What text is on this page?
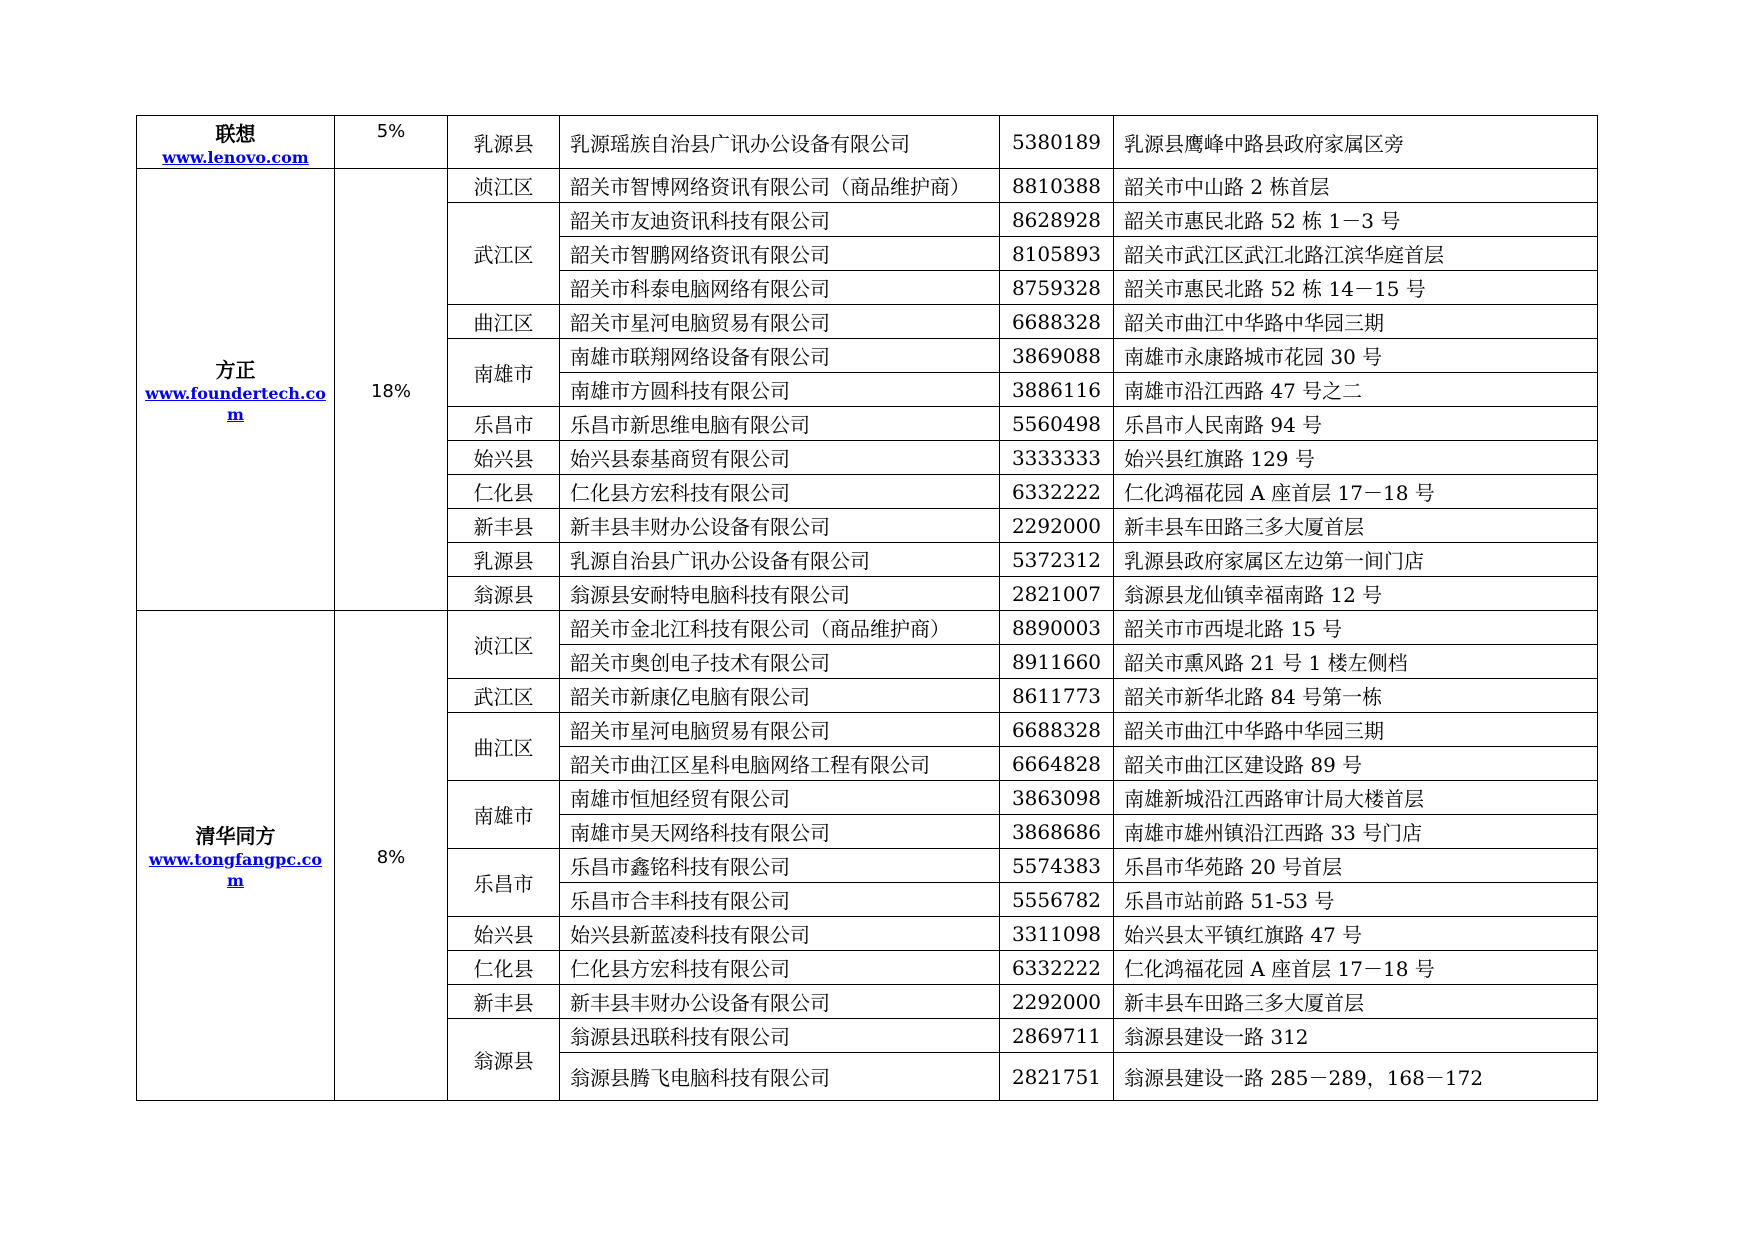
联想
www.lenovo.com	5%	乳源县	乳源瑶族自治县广讯办公设备有限公司	5380189	乳源县鹰峰中路县政府家属区旁

方正
www.foundertech.com	18%	浈江区	韶关市智博网络资讯有限公司（商品维护商）	8810388	韶关市中山路 2 栋首层
		武江区	韶关市友迪资讯科技有限公司	8628928	韶关市惠民北路 52 栋 1－3 号
			韶关市智鹏网络资讯有限公司	8105893	韶关市武江区武江北路江滨华庭首层
			韶关市科泰电脑网络有限公司	8759328	韶关市惠民北路 52 栋 14－15 号
		曲江区	韶关市星河电脑贸易有限公司	6688328	韶关市曲江中华路中华园三期
		南雄市	南雄市联翔网络设备有限公司	3869088	南雄市永康路城市花园 30 号
			南雄市方圆科技有限公司	3886116	南雄市沿江西路 47 号之二
		乐昌市	乐昌市新思维电脑有限公司	5560498	乐昌市人民南路 94 号
		始兴县	始兴县泰基商贸有限公司	3333333	始兴县红旗路 129 号
		仁化县	仁化县方宏科技有限公司	6332222	仁化鸿福花园 A 座首层 17－18 号
		新丰县	新丰县丰财办公设备有限公司	2292000	新丰县车田路三多大厦首层
		乳源县	乳源自治县广讯办公设备有限公司	5372312	乳源县政府家属区左边第一间门店
		翁源县	翁源县安耐特电脑科技有限公司	2821007	翁源县龙仙镇幸福南路 12 号

清华同方
www.tongfangpc.com	8%	浈江区	韶关市金北江科技有限公司（商品维护商）	8890003	韶关市市西堤北路 15 号
			韶关市奥创电子技术有限公司	8911660	韶关市熏风路 21 号 1 楼左侧档
		武江区	韶关市新康亿电脑有限公司	8611773	韶关市新华北路 84 号第一栋
		曲江区	韶关市星河电脑贸易有限公司	6688328	韶关市曲江中华路中华园三期
			韶关市曲江区星科电脑网络工程有限公司	6664828	韶关市曲江区建设路 89 号
		南雄市	南雄市恒旭经贸有限公司	3863098	南雄新城沿江西路审计局大楼首层
			南雄市昊天网络科技有限公司	3868686	南雄市雄州镇沿江西路 33 号门店
		乐昌市	乐昌市鑫铭科技有限公司	5574383	乐昌市华苑路 20 号首层
			乐昌市合丰科技有限公司	5556782	乐昌市站前路 51-53 号
		始兴县	始兴县新蓝凌科技有限公司	3311098	始兴县太平镇红旗路 47 号
		仁化县	仁化县方宏科技有限公司	6332222	仁化鸿福花园 A 座首层 17－18 号
		新丰县	新丰县丰财办公设备有限公司	2292000	新丰县车田路三多大厦首层
		翁源县	翁源县迅联科技有限公司	2869711	翁源县建设一路 312
			翁源县腾飞电脑科技有限公司	2821751	翁源县建设一路 285－289，168－172
